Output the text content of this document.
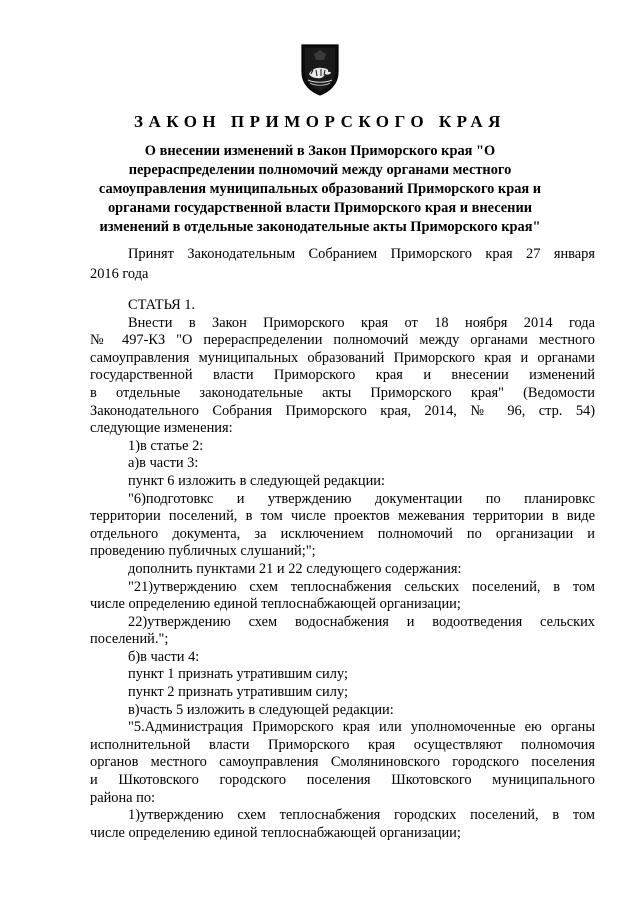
ЗАКОН ПРИМОРСКОГО КРАЯ
О внесении изменений в Закон Приморского края "О
перераспределении полномочий между органами местного
самоуправления муниципальных образований Приморского края и
органами государственной власти Приморского края и внесении
изменений в отдельные законодательные акты Приморского края"
Принят Законодательным Собранием Приморского края 27 января
2016 года
СТАТЬЯ 1.
Внести в Закон Приморского края от 18 ноября 2014 года
№ 497-КЗ "О перераспределении полномочий между органами местного
самоуправления муниципальных образований Приморского края и органами
государственной власти Приморского края и внесении изменений
в отдельные законодательные акты Приморского края" (Ведомости
Законодательного Собрания Приморского края, 2014, № 96, стр. 54)
следующие изменения:
1)в статье 2:
а)в части 3:
пункт 6 изложить в следующей редакции:
"6)подготовкс и утверждению документации по планировкс
территории поселений, в том числе проектов межевания территории в виде
отдельного документа, за исключением полномочий по организации и
проведению публичных слушаний;";
дополнить пунктами 21 и 22 следующего содержания:
"21)утверждению схем теплоснабжения сельских поселений, в том
числе определению единой теплоснабжающей организации;
22)утверждению схем водоснабжения и водоотведения сельских
поселений.";
б)в части 4:
пункт 1 признать утратившим силу;
пункт 2 признать утратившим силу;
в)часть 5 изложить в следующей редакции:
"5.Администрация Приморского края или уполномоченные ею органы
исполнительной власти Приморского края осуществляют полномочия
органов местного самоуправления Смоляниновского городского поселения
и Шкотовского городского поселения Шкотовского муниципального
района по:
1)утверждению схем теплоснабжения городских поселений, в том
числе определению единой теплоснабжающей организации;
